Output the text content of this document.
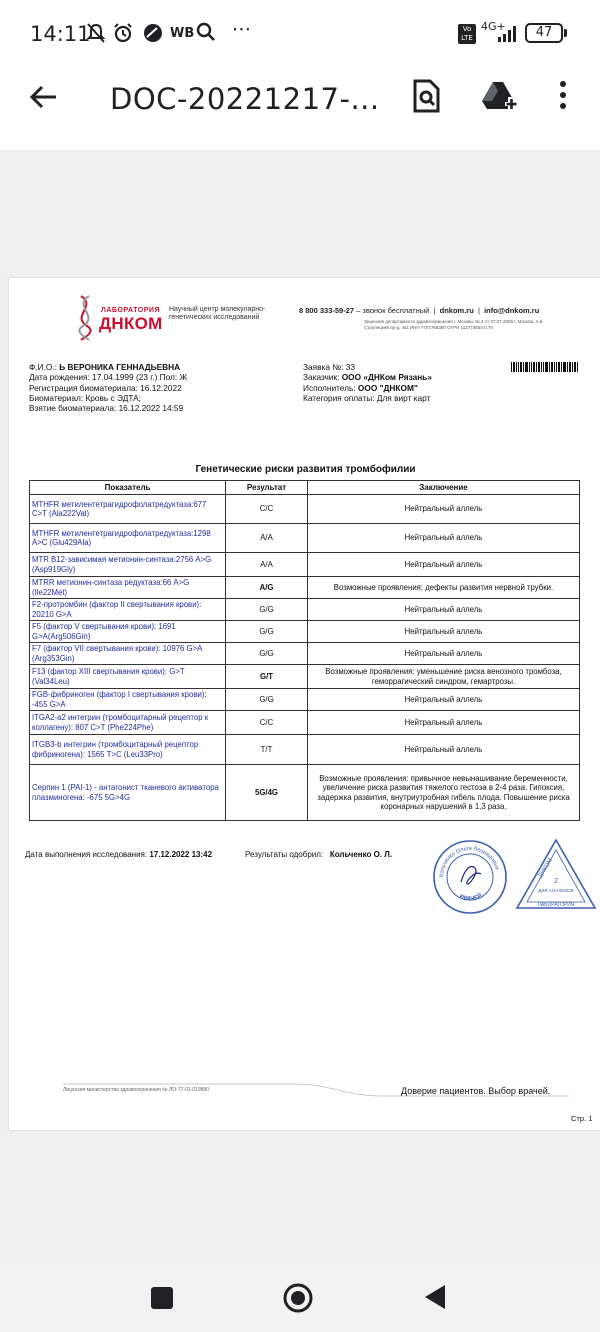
14:11	WB ⋯	Vo LTE
4G+	47
DOC-20221217-...
ЛАБОРАТОРИЯ
ДНКОМ
Научный центр молекулярно-генетических исследований
8 800 333-59-27 – звонок бесплатный  |  dnkom.ru  |  info@dnkom.ru
Лицензия департамента здравоохранения г. Москвы № 2 от 27.07.2006 г. Москва, 4-й Стрелецкий пр-д, 4к2 ИНН 7707768390 ОГРН 1127746047175
Ф.И.О.: Ь ВЕРОНИКА ГЕННАДЬЕВНА
Дата рождения: 17.04.1999 (23 г.) Пол: Ж
Регистрация биоматериала: 16.12.2022
Биоматериал: Кровь с ЭДТА;
Взятие биоматериала: 16.12.2022 14:59
Заявка №: 33
Заказчик: ООО «ДНКом Рязань»
Исполнитель: ООО "ДНКОМ"
Категория оплаты: Для вирт карт
Генетические риски развития тромбофилии
Показатель	Результат	Заключение
MTHFR метилентетрагидрофолатредуктаза:677 C>T (Ala222Val)	C/C	Нейтральный аллель
MTHFR метилентетрагидрофолатредуктаза:1298 A>C (Glu429Ala)	A/A	Нейтральный аллель
MTR B12-зависимая метионин-синтаза:2756 A>G (Asp919Gly)	A/A	Нейтральный аллель
MTRR метионин-синтаза редуктаза:66 A>G (Ile22Met)	A/G	Возможные проявления: дефекты развития нервной трубки.
F2-протромбин (фактор II свертывания крови): 20210 G>A	G/G	Нейтральный аллель
F5 (фактор V свертывания крови): 1691 G>A(Arg506Gin)	G/G	Нейтральный аллель
F7 (фактор VII свертывания крови): 10976 G>A (Arg353Gin)	G/G	Нейтральный аллель
F13 (фактор XIII свертывания крови): G>T (Val34Leu)	G/T	Возможные проявления: уменьшение риска венозного тромбоза, геморрагический синдром, гемартрозы.
FGB-фибриноген (фактор I свертывания крови): -455 G>A	G/G	Нейтральный аллель
ITGA2-a2 интегрин (тромбоцитарный рецептор к коллагену): 807 C>T (Phe224Phe)	C/C	Нейтральный аллель
ITGB3-b интегрин (тромбоцитарный рецептор фибриногена): 1565 T>C (Leu33Pro)	T/T	Нейтральный аллель
Серпин 1 (PAI-1) - антагонист тканевого активатора плазминогена: -675 5G>4G	5G/4G	Возможные проявления: привычное невынашивание беременности, увеличение риска развития тяжелого гестоза в 2-4 раза. Гипоксия, задержка развития, внутриутробная гибель плода. Повышение риска коронарных нарушений в 1,3 раза.
Дата выполнения исследования: 17.12.2022 13:42	Результаты одобрил: Кольченко О. Л.
Кольченко Ольга Леонидовна
ВРАЧЕЙ
ДНКОМ
2
ДЛЯ АНАЛИЗОВ
ЛАБОРАТОРИЯ
Лицензия министерства здравоохранения № ЛО-77-01-019880	Доверие пациентов. Выбор врачей.
Стр. 1
